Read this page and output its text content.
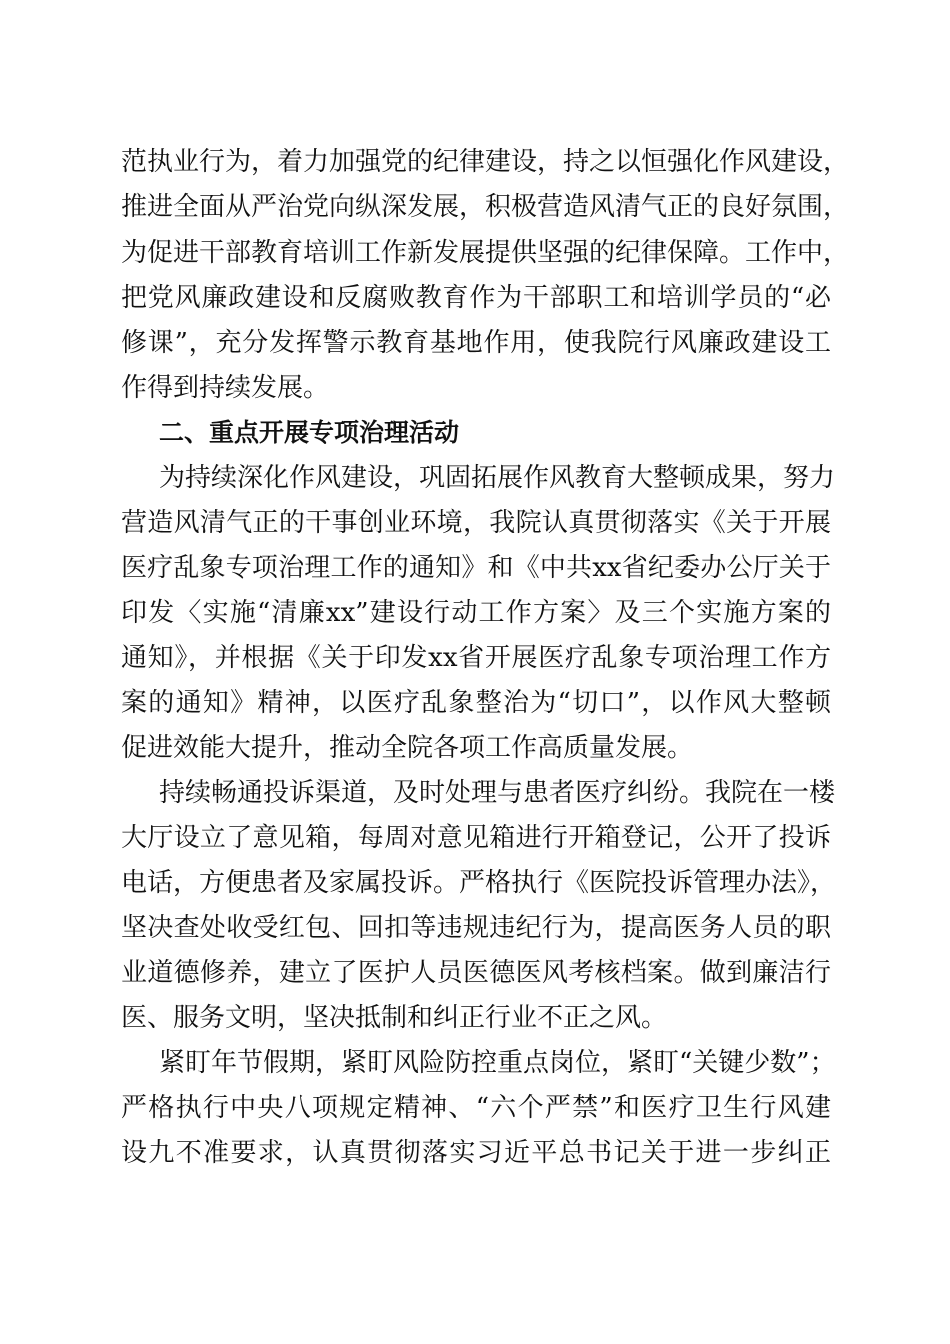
范执业行为，着力加强党的纪律建设，持之以恒强化作风建设，
推进全面从严治党向纵深发展，积极营造风清气正的良好氛围，
为促进干部教育培训工作新发展提供坚强的纪律保障。工作中，
把党风廉政建设和反腐败教育作为干部职工和培训学员的“必
修课”，充分发挥警示教育基地作用，使我院行风廉政建设工
作得到持续发展。
二、重点开展专项治理活动
为持续深化作风建设，巩固拓展作风教育大整顿成果，努力
营造风清气正的干事创业环境，我院认真贯彻落实《关于开展
医疗乱象专项治理工作的通知》和《中共xx省纪委办公厅关于
印发〈实施“清廉xx”建设行动工作方案〉及三个实施方案的
通知》，并根据《关于印发xx省开展医疗乱象专项治理工作方
案的通知》精神，以医疗乱象整治为“切口”，以作风大整顿
促进效能大提升，推动全院各项工作高质量发展。
持续畅通投诉渠道，及时处理与患者医疗纠纷。我院在一楼
大厅设立了意见箱，每周对意见箱进行开箱登记，公开了投诉
电话，方便患者及家属投诉。严格执行《医院投诉管理办法》，
坚决查处收受红包、回扣等违规违纪行为，提高医务人员的职
业道德修养，建立了医护人员医德医风考核档案。做到廉洁行
医、服务文明，坚决抵制和纠正行业不正之风。
紧盯年节假期，紧盯风险防控重点岗位，紧盯“关键少数”；
严格执行中央八项规定精神、“六个严禁”和医疗卫生行风建
设九不准要求，认真贯彻落实习近平总书记关于进一步纠正
